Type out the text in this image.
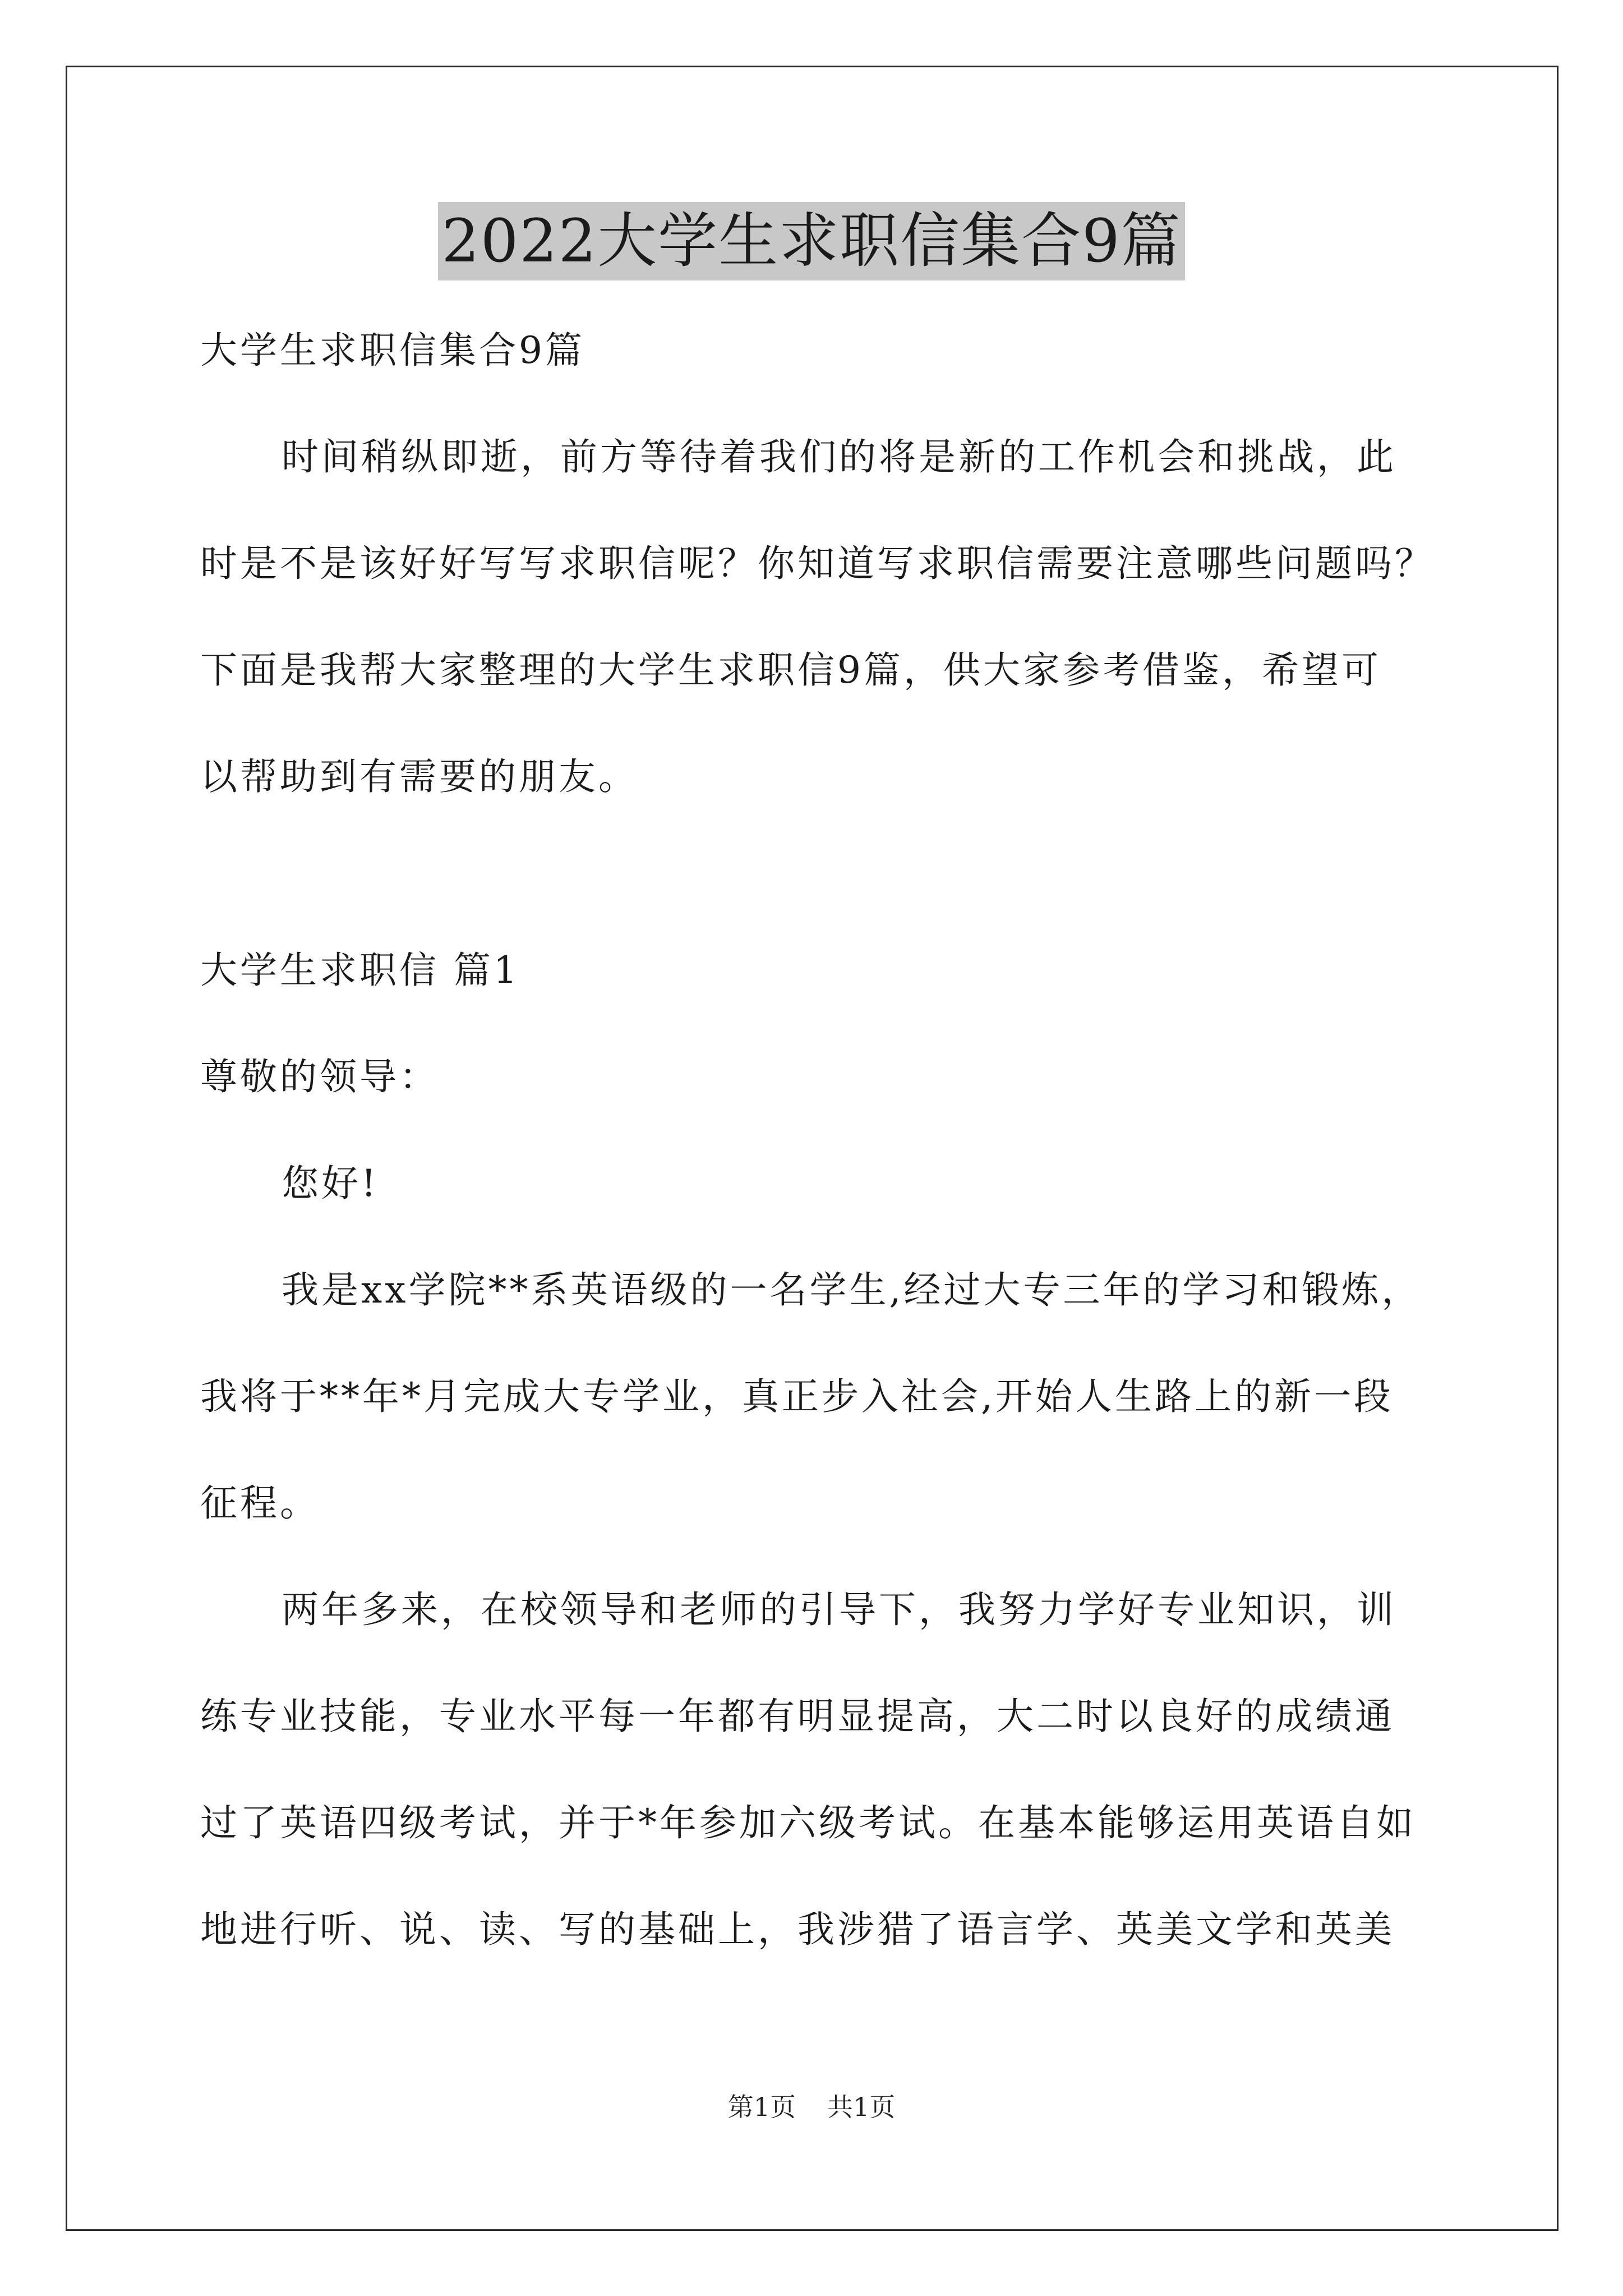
2022大学生求职信集合9篇
大学生求职信集合9篇
时间稍纵即逝，前方等待着我们的将是新的工作机会和挑战，此
时是不是该好好写写求职信呢？你知道写求职信需要注意哪些问题吗？
下面是我帮大家整理的大学生求职信9篇，供大家参考借鉴，希望可
以帮助到有需要的朋友。
大学生求职信 篇1
尊敬的领导：
您好!
我是xx学院**系英语级的一名学生,经过大专三年的学习和锻炼，
我将于**年*月完成大专学业，真正步入社会,开始人生路上的新一段
征程。
两年多来，在校领导和老师的引导下，我努力学好专业知识，训
练专业技能，专业水平每一年都有明显提高，大二时以良好的成绩通
过了英语四级考试，并于*年参加六级考试。在基本能够运用英语自如
地进行听、说、读、写的基础上，我涉猎了语言学、英美文学和英美
第1页 共1页
